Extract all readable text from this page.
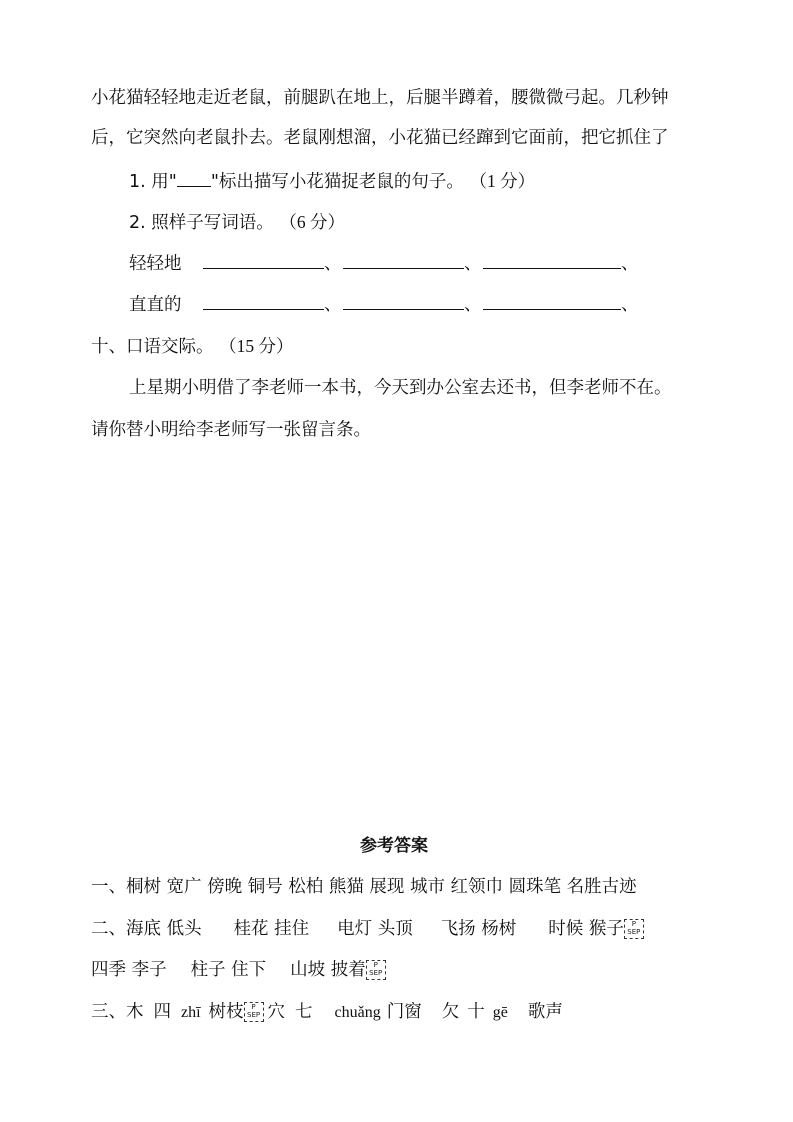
小花猫轻轻地走近老鼠，前腿趴在地上，后腿半蹲着，腰微微弓起。几秒钟
后，它突然向老鼠扑去。老鼠刚想溜，小花猫已经蹿到它面前，把它抓住了
1. 用" "标出描写小花猫捉老鼠的句子。 （1 分）
2. 照样子写词语。 （6 分）
轻轻地	、	、	、
直直的	、	、	、
十、口语交际。 （15 分）
上星期小明借了李老师一本书，今天到办公室去还书，但李老师不在。
请你替小明给李老师写一张留言条。
参考答案
一、桐树 宽广 傍晚 铜号 松柏 熊猫 展现 城市 红领巾 圆珠笔 名胜古迹
二、海底 低头 桂花 挂住 电灯 头顶 飞扬 杨树 时候 猴子 P
SEP
四季 李子 柱子 住下 山坡 披着 P
SEP
三、木 四 zhī 树枝 P
SEP 穴 七 chuǎng 门窗 欠 十 gē 歌声
